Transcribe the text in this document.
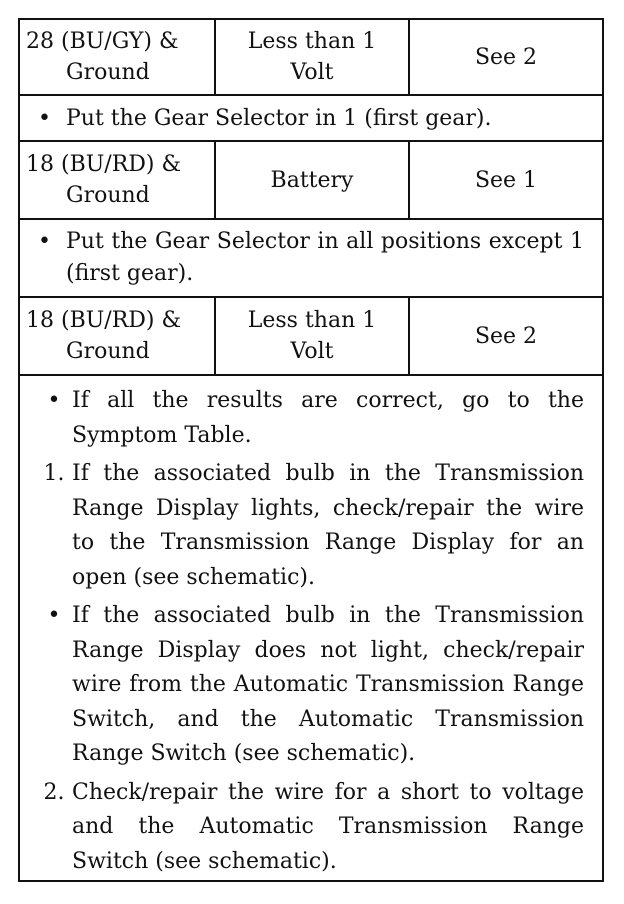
28 (BU/GY) &
Ground
Less than 1 Volt
See 2
• Put the Gear Selector in 1 (first gear).
18 (BU/RD) &
Ground
Battery	See 1
• Put the Gear Selector in all positions except 1 (first gear).
18 (BU/RD) &
Ground
Less than 1 Volt
See 2
• If all the results are correct, go to the Symptom Table.
1. If the associated bulb in the Transmission Range Display lights, check/repair the wire to the Transmission Range Display for an open (see schematic).
• If the associated bulb in the Transmission Range Display does not light, check/repair wire from the Automatic Transmission Range Switch, and the Automatic Transmission Range Switch (see schematic).
2. Check/repair the wire for a short to voltage and the Automatic Transmission Range Switch (see schematic).
